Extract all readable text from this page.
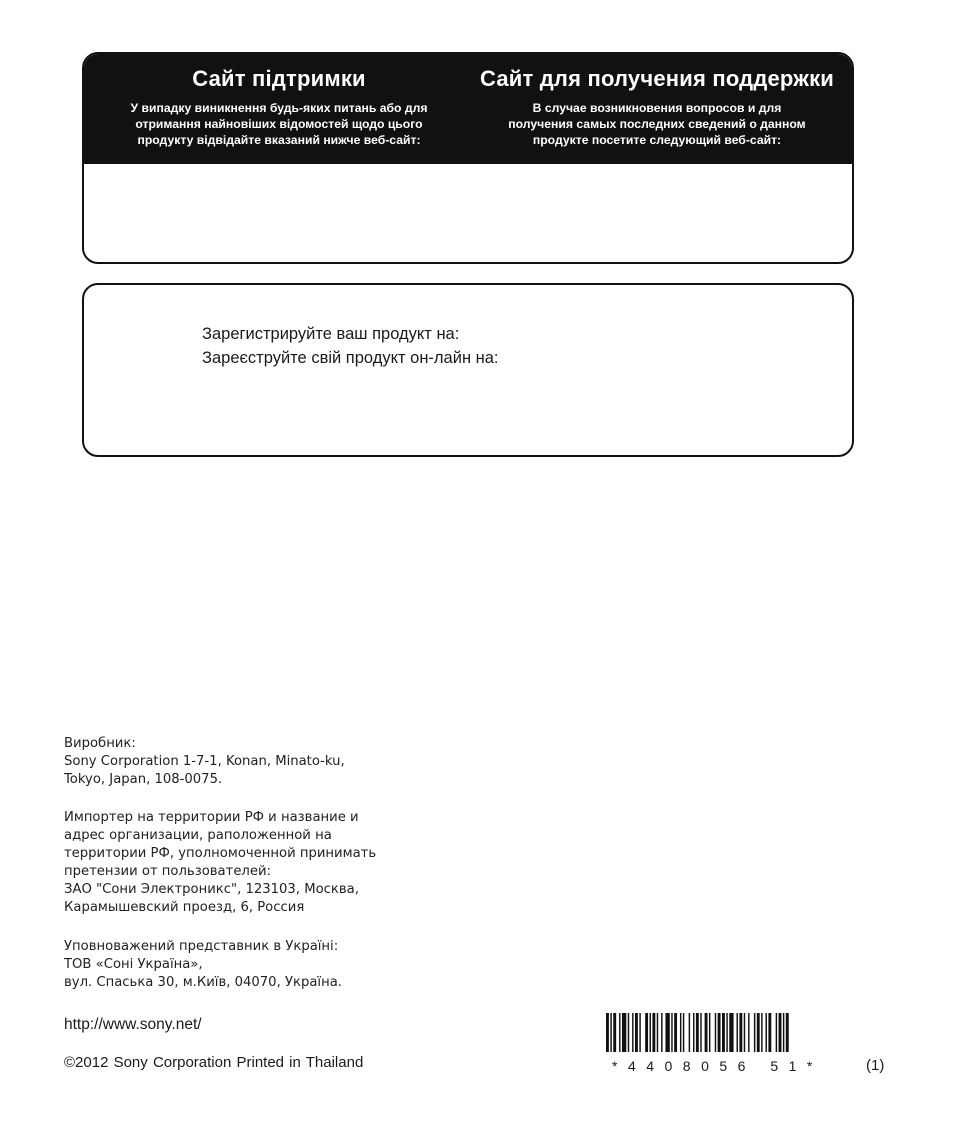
Сайт підтримки
У випадку виникнення будь-яких питань або для
отримання найновіших відомостей щодо цього
продукту відвідайте вказаний нижче веб-сайт:
Сайт для получения поддержки
В случае возникновения вопросов и для
получения самых последних сведений о данном
продукте посетите следующий веб-сайт:
Зарегистрируйте ваш продукт на:
Зареєструйте свій продукт он-лайн на:
Виробник:
Sony Corporation 1-7-1, Konan, Minato-ku,
Tokyo, Japan, 108-0075.
Импортер на территории РФ и название и
адрес организации, раположенной на
территории РФ, уполномоченной принимать
претензии от пользователей:
ЗАО "Сони Электроникс", 123103, Москва,
Карамышевский проезд, 6, Россия
Уповноважений представник в Україні:
ТОВ «Соні Україна»,
вул. Спаська 30, м.Київ, 04070, Україна.
http://www.sony.net/
©2012 Sony Corporation Printed in Thailand	*4408056 51*	(1)
